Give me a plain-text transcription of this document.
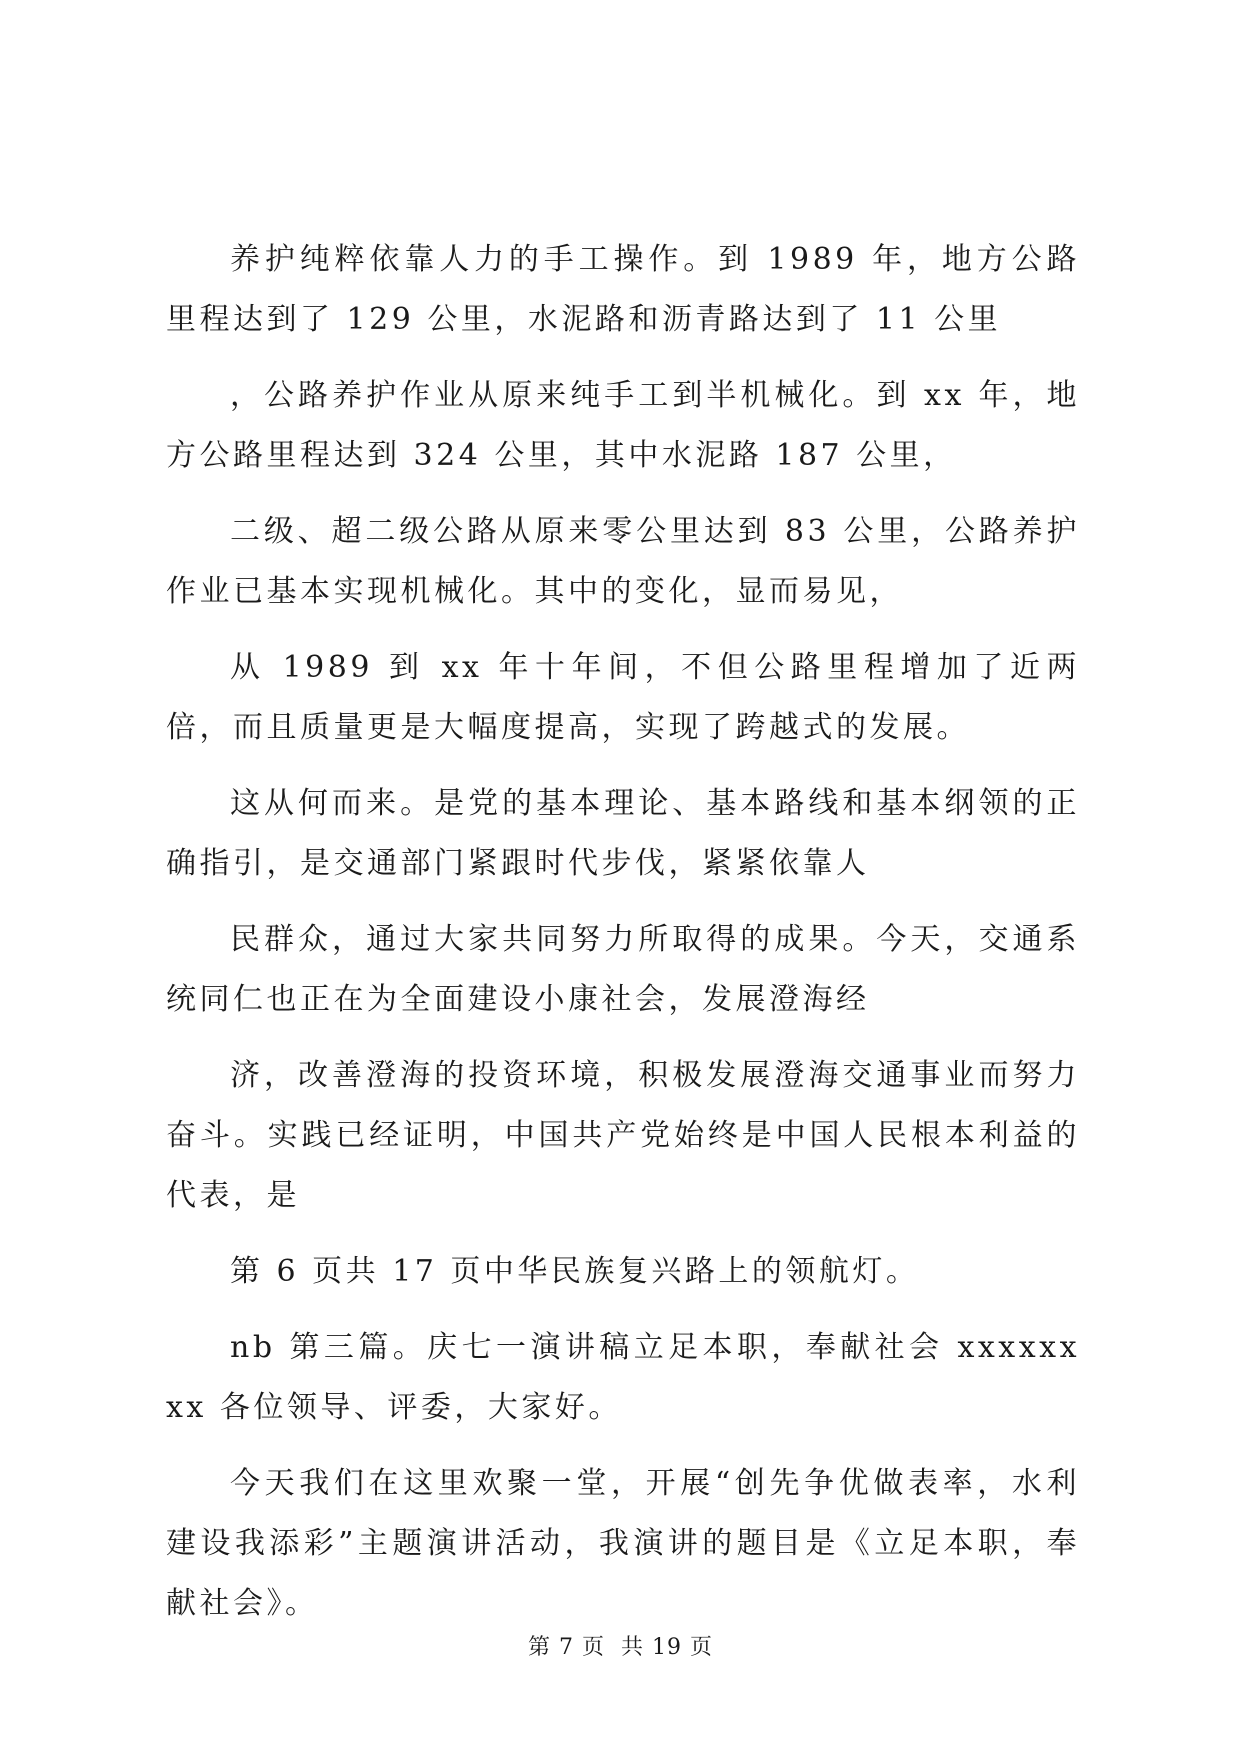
养护纯粹依靠人力的手工操作。到 1989 年，地方公路里程达到了 129 公里，水泥路和沥青路达到了 11 公里

，公路养护作业从原来纯手工到半机械化。到 xx 年，地方公路里程达到 324 公里，其中水泥路 187 公里，

二级、超二级公路从原来零公里达到 83 公里，公路养护作业已基本实现机械化。其中的变化，显而易见，

从 1989 到 xx 年十年间，不但公路里程增加了近两倍，而且质量更是大幅度提高，实现了跨越式的发展。

这从何而来。是党的基本理论、基本路线和基本纲领的正确指引，是交通部门紧跟时代步伐，紧紧依靠人

民群众，通过大家共同努力所取得的成果。今天，交通系统同仁也正在为全面建设小康社会，发展澄海经

济，改善澄海的投资环境，积极发展澄海交通事业而努力奋斗。实践已经证明，中国共产党始终是中国人民根本利益的代表，是

第 6 页共 17 页中华民族复兴路上的领航灯。

nb 第三篇。庆七一演讲稿立足本职，奉献社会 xxxxxxxx 各位领导、评委，大家好。

今天我们在这里欢聚一堂，开展“创先争优做表率，水利建设我添彩”主题演讲活动，我演讲的题目是《立足本职，奉献社会》。

第 7 页  共 19 页
